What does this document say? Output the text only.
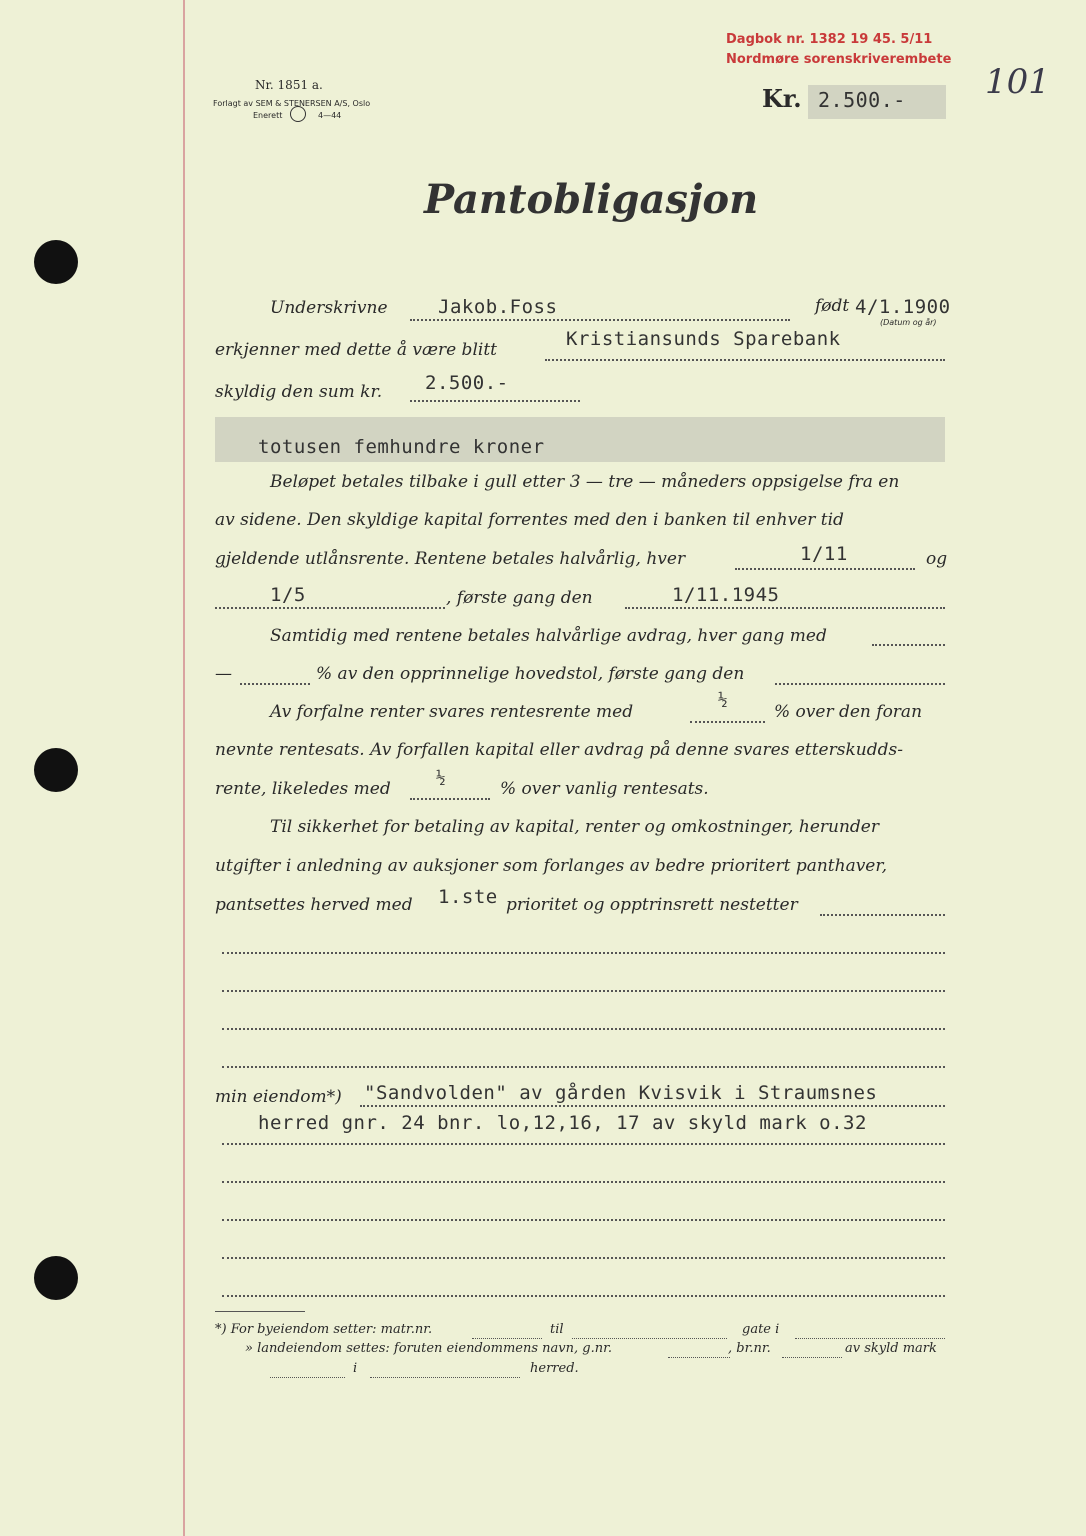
Nr. 1851 a.
Forlagt av SEM & STENERSEN A/S, Oslo
Enerett	4—44
Dagbok nr. 1382 19 45. 5/11
Nordmøre sorenskriverembete
101
Kr. 2.500.-
Pantobligasjon
Underskrivne	Jakob.Foss	født 4/1.1900
(Datum og år)
erkjenner med dette å være blitt	Kristiansunds Sparebank
skyldig den sum kr. 2.500.-
totusen femhundre kroner
Beløpet betales tilbake i gull etter 3 — tre — måneders oppsigelse fra en
av sidene. Den skyldige kapital forrentes med den i banken til enhver tid
gjeldende utlånsrente. Rentene betales halvårlig, hver	1/11	og
1/5	, første gang den	1/11.1945
Samtidig med rentene betales halvårlige avdrag, hver gang med
—	% av den opprinnelige hovedstol, første gang den
Av forfalne renter svares rentesrente med
½
% over den foran
nevnte rentesats. Av forfallen kapital eller avdrag på denne svares etterskudds-
rente, likeledes med
½
% over vanlig rentesats.
Til sikkerhet for betaling av kapital, renter og omkostninger, herunder
utgifter i anledning av auksjoner som forlanges av bedre prioritert panthaver,
pantsettes herved med 1.ste prioritet og opptrinsrett nestetter
min eiendom*) "Sandvolden" av gården Kvisvik i Straumsnes
herred gnr. 24 bnr. lo,12,16, 17 av skyld mark o.32
*) For byeiendom setter: matr.nr.	til	gate i
» landeiendom settes: foruten eiendommens navn, g.nr.	, br.nr.	av skyld mark
i	herred.
